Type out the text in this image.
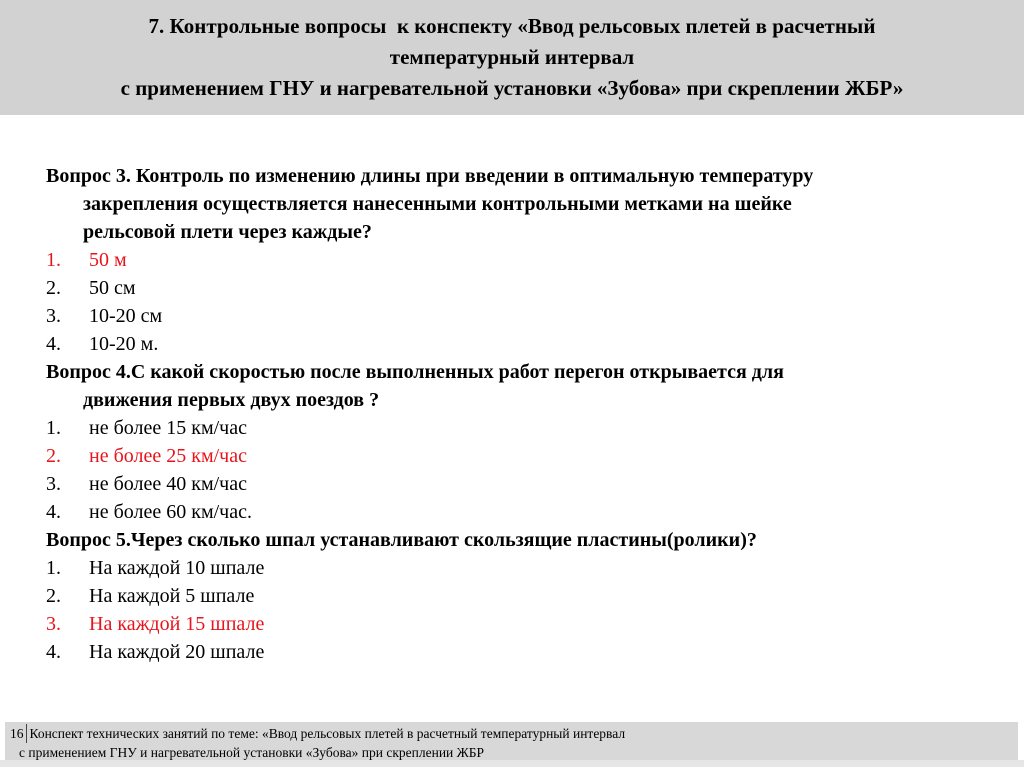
7. Контрольные вопросы  к конспекту «Ввод рельсовых плетей в расчетный
температурный интервал
с применением ГНУ и нагревательной установки «Зубова» при скреплении ЖБР»

Вопрос 3. Контроль по изменению длины при введении в оптимальную температуру

закрепления осуществляется нанесенными контрольными метками на шейке

рельсовой плети через каждые?

1.	50 м
2.	50 см
3.	10-20 см
4.	10-20 м.

Вопрос 4.С какой скоростью после выполненных работ перегон открывается для

движения первых двух поездов ?

1.	не более 15 км/час
2.	не более 25 км/час
3.	не более 40 км/час
4.	не более 60 км/час.

Вопрос 5.Через сколько шпал устанавливают скользящие пластины(ролики)?

1.	На каждой 10 шпале
2.	На каждой 5 шпале
3.	На каждой 15 шпале
4.	На каждой 20 шпале
16 Конспект технических занятий по теме: «Ввод рельсовых плетей в расчетный температурный интервал
с применением ГНУ и нагревательной установки «Зубова» при скреплении ЖБР
